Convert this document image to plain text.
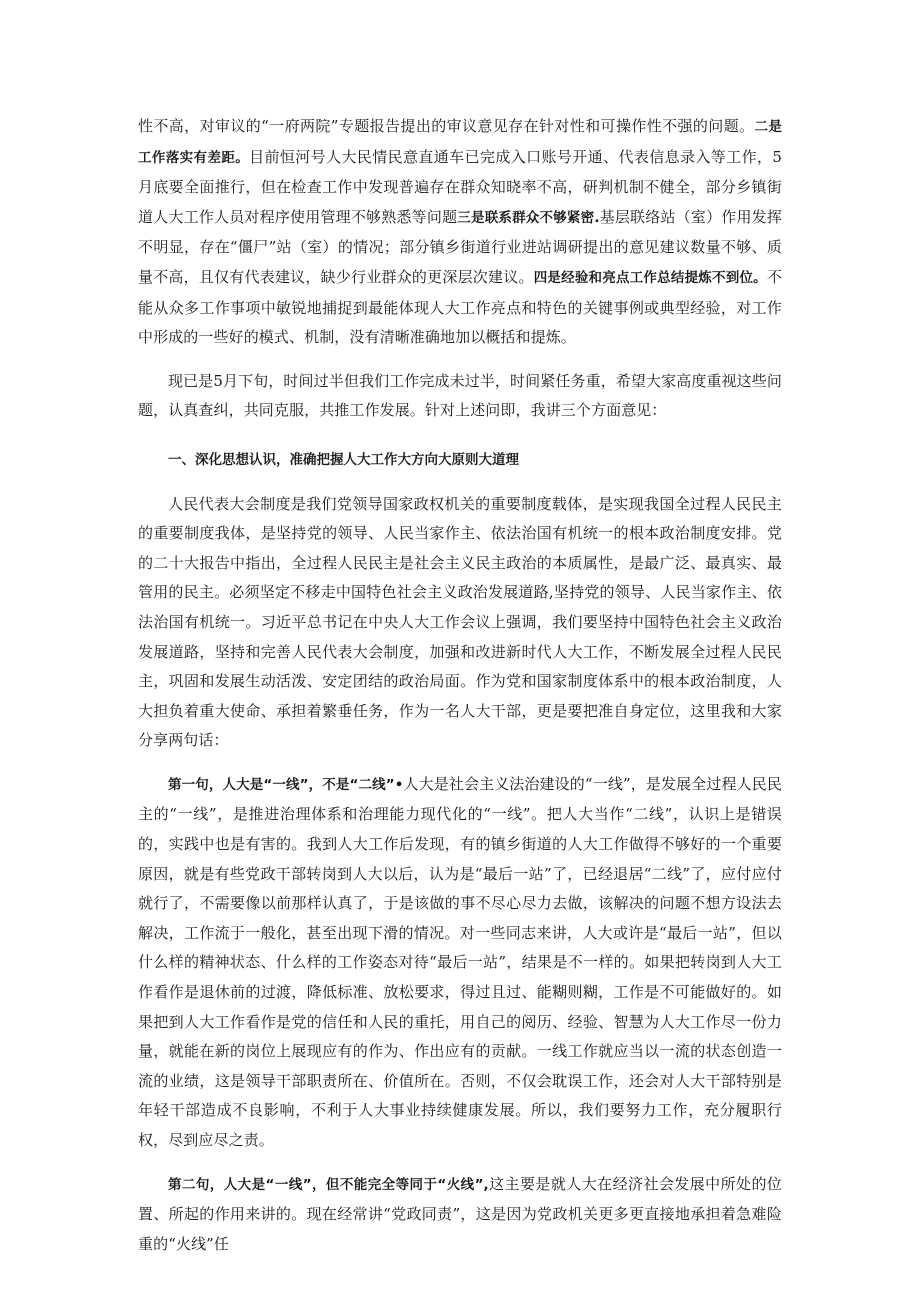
性不高，对审议的“一府两院”专题报告提出的审议意见存在针对性和可操作性不强的问题。二是工作落实有差距。目前恒河号人大民情民意直通车已完成入口账号开通、代表信息录入等工作，5月底要全面推行，但在检查工作中发现普遍存在群众知晓率不高，研判机制不健全，部分乡镇街道人大工作人员对程序使用管理不够熟悉等问题三是联系群众不够紧密.基层联络站（室）作用发挥不明显，存在“僵尸”站（室）的情况；部分镇乡街道行业进站调研提出的意见建议数量不够、质量不高，且仅有代表建议，缺少行业群众的更深层次建议。四是经验和亮点工作总结提炼不到位。不能从众多工作事项中敏锐地捕捉到最能体现人大工作亮点和特色的关键事例或典型经验，对工作中形成的一些好的模式、机制，没有清晰准确地加以概括和提炼。

现已是5月下旬，时间过半但我们工作完成未过半，时间紧任务重，希望大家高度重视这些问题，认真查纠，共同克服，共推工作发展。针对上述问即，我讲三个方面意见：

一、深化思想认识，准确把握人大工作大方向大原则大道理

人民代表大会制度是我们党领导国家政权机关的重要制度载体，是实现我国全过程人民民主的重要制度我体，是坚持党的领导、人民当家作主、依法治国有机统一的根本政治制度安排。党的二十大报告中指出，全过程人民民主是社会主义民主政治的本质属性，是最广泛、最真实、最管用的民主。必须坚定不移走中国特色社会主义政治发展道路,坚持党的领导、人民当家作主、依法治国有机统一。习近平总书记在中央人大工作会议上强调，我们要坚持中国特色社会主义政治发展道路，坚持和完善人民代表大会制度，加强和改进新时代人大工作，不断发展全过程人民民主，巩固和发展生动活泼、安定团结的政治局面。作为党和国家制度体系中的根本政治制度，人大担负着重大使命、承担着繁垂任务，作为一名人大干部，更是要把准自身定位，这里我和大家分享两句话：

第一句，人大是“一线”，不是“二线”•人大是社会主义法治建设的“一线”，是发展全过程人民民主的“一线”，是推进治理体系和治理能力现代化的“一线”。把人大当作“二线”，认识上是错误的，实践中也是有害的。我到人大工作后发现，有的镇乡街道的人大工作做得不够好的一个重要原因，就是有些党政干部转岗到人大以后，认为是“最后一站”了，已经退居“二线”了，应付应付就行了，不需要像以前那样认真了，于是该做的事不尽心尽力去做，该解决的问题不想方设法去解决，工作流于一般化，甚至出现下滑的情况。对一些同志来讲，人大或许是“最后一站”，但以什么样的精神状态、什么样的工作姿态对待“最后一站”，结果是不一样的。如果把转岗到人大工作看作是退休前的过渡，降低标准、放松要求，得过且过、能糊则糊，工作是不可能做好的。如果把到人大工作看作是党的信任和人民的重托，用自己的阅历、经验、智慧为人大工作尽一份力量，就能在新的岗位上展现应有的作为、作出应有的贡献。一线工作就应当以一流的状态创造一流的业绩，这是领导干部职责所在、价值所在。否则，不仅会耽误工作，还会对人大干部特别是年轻干部造成不良影响，不利于人大事业持续健康发展。所以，我们要努力工作，充分履职行权，尽到应尽之责。

第二句，人大是“一线”，但不能完全等同于“火线”,这主要是就人大在经济社会发展中所处的位置、所起的作用来讲的。现在经常讲“党政同责”，这是因为党政机关更多更直接地承担着急难险重的“火线”任
